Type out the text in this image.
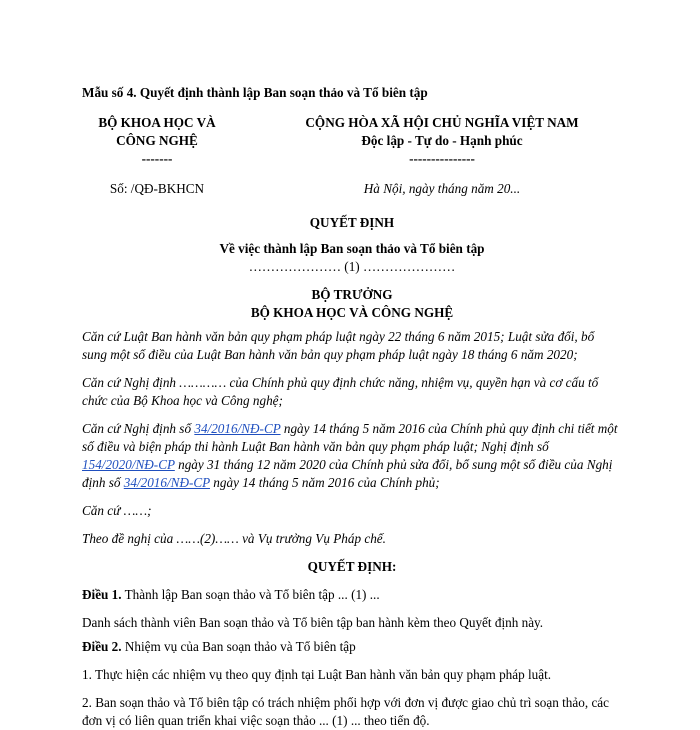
Mẫu số 4. Quyết định thành lập Ban soạn thảo và Tổ biên tập

BỘ KHOA HỌC VÀ
CÔNG NGHỆ
-------
CỘNG HÒA XÃ HỘI CHỦ NGHĨA VIỆT NAM
Độc lập - Tự do - Hạnh phúc
---------------
Số: /QĐ-BKHCN	Hà Nội, ngày tháng năm 20...

QUYẾT ĐỊNH

Về việc thành lập Ban soạn thảo và Tổ biên tập

………………… (1) …………………

BỘ TRƯỞNG

BỘ KHOA HỌC VÀ CÔNG NGHỆ

Căn cứ Luật Ban hành văn bản quy phạm pháp luật ngày 22 tháng 6 năm 2015; Luật sửa đổi, bổ sung một số điều của Luật Ban hành văn bản quy phạm pháp luật ngày 18 tháng 6 năm 2020;

Căn cứ Nghị định ………… của Chính phủ quy định chức năng, nhiệm vụ, quyền hạn và cơ cấu tổ chức của Bộ Khoa học và Công nghệ;

Căn cứ Nghị định số 34/2016/NĐ-CP ngày 14 tháng 5 năm 2016 của Chính phủ quy định chi tiết một số điều và biện pháp thi hành Luật Ban hành văn bản quy phạm pháp luật; Nghị định số 154/2020/NĐ-CP ngày 31 tháng 12 năm 2020 của Chính phủ sửa đổi, bổ sung một số điều của Nghị định số 34/2016/NĐ-CP ngày 14 tháng 5 năm 2016 của Chính phủ;

Căn cứ ……;

Theo đề nghị của ……(2)…… và Vụ trưởng Vụ Pháp chế.

QUYẾT ĐỊNH:

Điều 1. Thành lập Ban soạn thảo và Tổ biên tập ... (1) ...

Danh sách thành viên Ban soạn thảo và Tổ biên tập ban hành kèm theo Quyết định này.

Điều 2. Nhiệm vụ của Ban soạn thảo và Tổ biên tập

1. Thực hiện các nhiệm vụ theo quy định tại Luật Ban hành văn bản quy phạm pháp luật.

2. Ban soạn thảo và Tổ biên tập có trách nhiệm phối hợp với đơn vị được giao chủ trì soạn thảo, các đơn vị có liên quan triển khai việc soạn thảo ... (1) ... theo tiến độ.
